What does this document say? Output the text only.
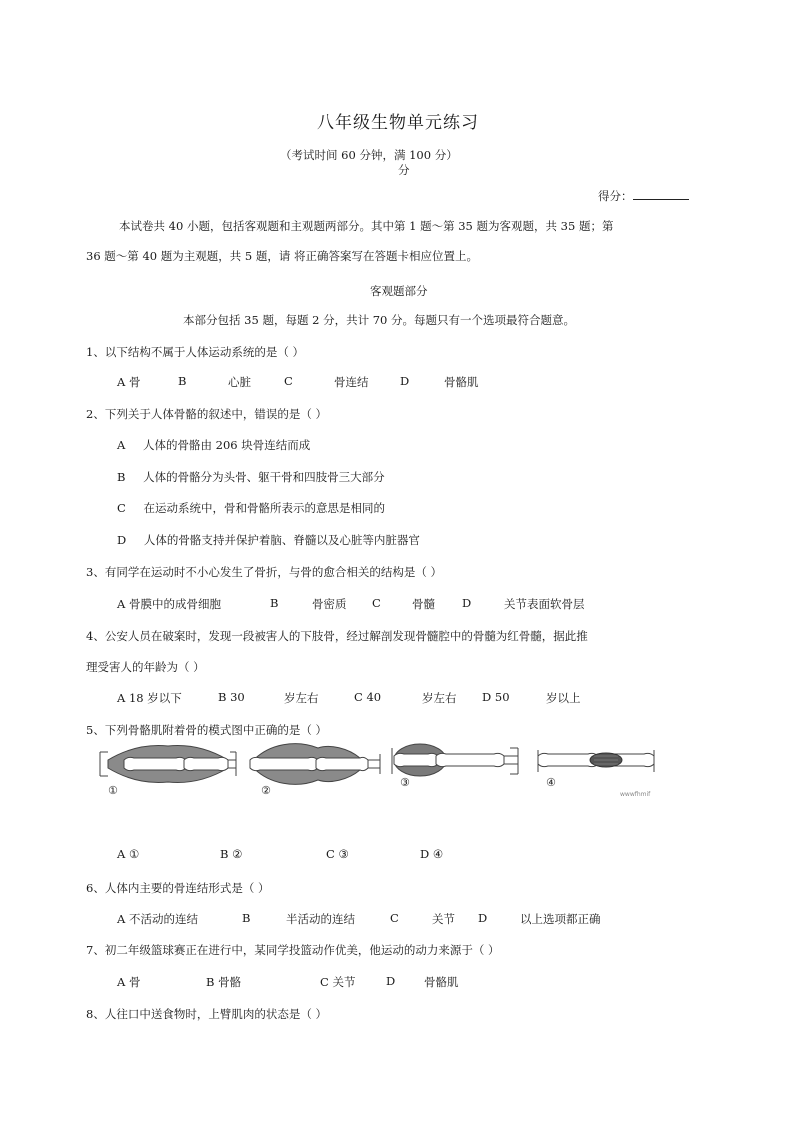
八年级生物单元练习
（考试时间 60 分钟，满 100 分）
分
得分：
本试卷共 40 小题，包括客观题和主观题两部分。其中第 1 题～第 35 题为客观题，共 35 题；第
36 题～第 40 题为主观题，共 5 题，请 将正确答案写在答题卡相应位置上。
客观题部分
本部分包括 35 题，每题 2 分，共计 70 分。每题只有一个选项最符合题意。
1、以下结构不属于人体运动系统的是（ ）
A 骨	B	心脏	C	骨连结	D	骨骼肌
2、下列关于人体骨骼的叙述中，错误的是（ ）
A 人体的骨骼由 206 块骨连结而成
B 人体的骨骼分为头骨、躯干骨和四肢骨三大部分
C 在运动系统中，骨和骨骼所表示的意思是相同的
D 人体的骨骼支持并保护着脑、脊髓以及心脏等内脏器官
3、有同学在运动时不小心发生了骨折，与骨的愈合相关的结构是（ ）
A 骨膜中的成骨细胞	B	骨密质 C	骨髓 D	关节表面软骨层
4、公安人员在破案时，发现一段被害人的下肢骨，经过解剖发现骨髓腔中的骨髓为红骨髓，据此推
理受害人的年龄为（ ）
A 18 岁以下	B 30	岁左右	C 40	岁左右 D 50	岁以上
5、下列骨骼肌附着骨的模式图中正确的是（ ）
①	②
③	④
wwwfhmif
A ①	B ②	C ③	D ④
6、人体内主要的骨连结形式是（ ）
A 不活动的连结	B	半活动的连结	C	关节 D	以上选项都正确
7、初二年级篮球赛正在进行中，某同学投篮动作优美，他运动的动力来源于（ ）
A 骨	B 骨骼	C 关节	D	骨骼肌
8、人往口中送食物时，上臂肌肉的状态是（ ）
